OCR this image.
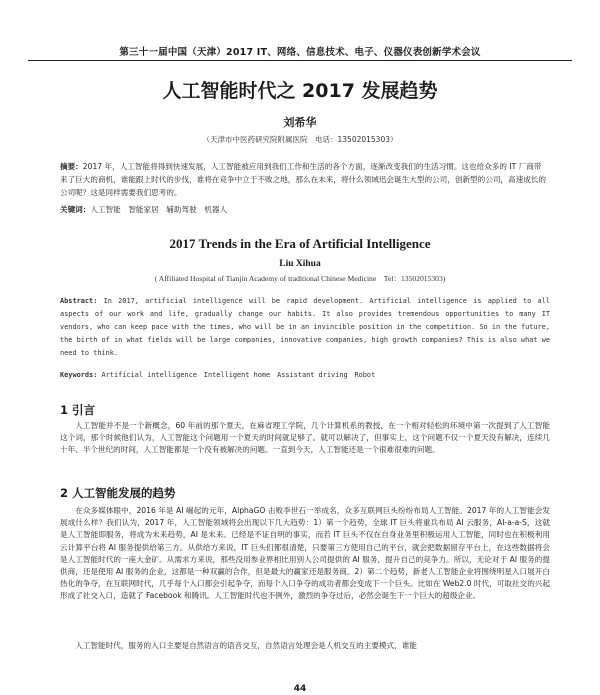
第三十一届中国（天津）2017 IT、网络、信息技术、电子、仪器仪表创新学术会议
人工智能时代之 2017 发展趋势
刘希华
（天津市中医药研究院附属医院　电话：13502015303）
摘要：2017 年，人工智能将得到快速发展，人工智能被应用到我们工作和生活的各个方面，逐渐改变我们的生活习惯。这也给众多的 IT 厂商带来了巨大的商机，谁能跟上时代的步伐，谁将在竞争中立于不败之地，那么在未来，将什么领域迅会诞生大型的公司，创新型的公司，高速成长的公司呢？这是同样需要我们思考的。
关键词：人工智能　智能家居　辅助驾驶　机器人
2017 Trends in the Era of Artificial Intelligence
Liu Xihua
( Affiliated Hospital of Tianjin Academy of traditional Chinese Medicine　Tel：13502015303)
Abstract: In 2017, artificial intelligence will be rapid development. Artificial intelligence is applied to all aspects of our work and life, gradually change our habits. It also provides tremendous opportunities to many IT vendors, who can keep pace with the times, who will be in an invincible position in the competition. So in the future, the birth of in what fields will be large companies, innovative companies, high growth companies? This is also what we need to think.
Keywords: Artificial intelligence　Intelligent home　Assistant driving　Robot
1 引言
人工智能并不是一个新概念，60 年前的那个夏天，在麻省理工学院，几个计算机系的教授，在一个相对轻松的环境中第一次提到了人工智能这个词，那个时候他们认为，人工智能这个问题用一个夏天的时间就足够了。就可以解决了，但事实上，这个问题不仅一个夏天没有解决，连续几十年、半个世纪的时间，人工智能都是一个没有被解决的问题。一直到今天，人工智能还是一个很难很难的问题。
2 人工智能发展的趋势
在众多媒体眼中，2016 年是 AI 崛起的元年，AlphaGO 击败李世石一举成名，众多互联网巨头纷纷布局人工智能。2017 年的人工智能会发展成什么样？我们认为，2017 年，人工智能领域将会出现以下几大趋势：1）第一个趋势，全球 IT 巨头将重兵布局 AI 云服务，AI-a-a-S，这就是人工智能即服务，将成为未来趋势，AI 是未来。已经是不证自明的事实，而若 IT 巨头不仅在自身业务里积极运用人工智能，同时也在积极利用云计算平台将 AI 服务提供给第三方。从供给方来说，IT 巨头们都很清楚，只要第三方使用自己的平台，就会把数据留存平台上，在这些数据将会是人工智能时代的一座大金矿。从需求方来说，那些没用参业界相比用别人公司提供的 AI 服务，提升自己的竞争力。所以，无论对于 AI 服务的提供商，还是使用 AI 服务的企业，这都是一种双赢的合作，但是最大的赢家还是服务商。2）第二个趋势，新老人工智能企业将围绕明星入口展开白热化的争夺，在互联网时代，几乎每个入口都会引起争夺，而每个入口争夺的成功者都会变成下一个巨头。比如在 Web2.0 时代，可取社交的兴起形成了社交入口，造就了 Facebook 和腾讯。人工智能时代也不例外，激烈的争夺过后，必然会诞生下一个巨大的超级企业。
人工智能时代，服务的入口主要是自然语言的语音交互，自然语言处理会是人机交互的主要模式，谁能
44
